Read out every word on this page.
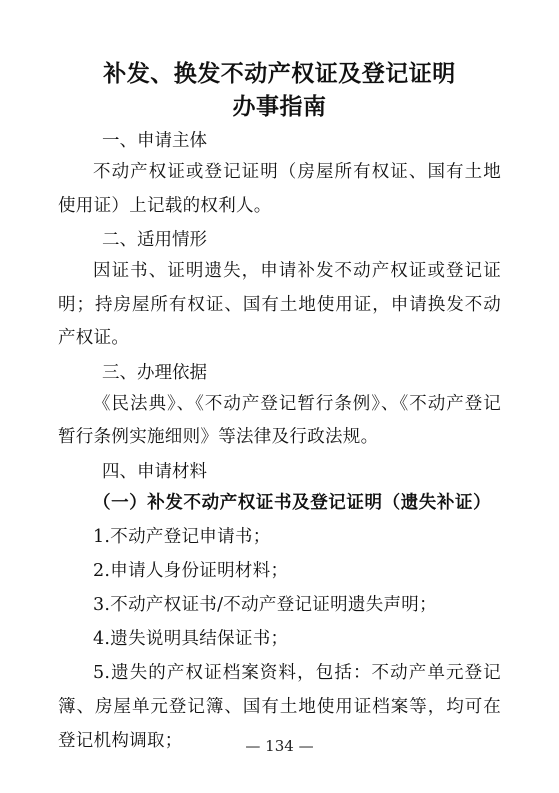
补发、换发不动产权证及登记证明
办事指南
一、申请主体
不动产权证或登记证明（房屋所有权证、国有土地使用证）上记载的权利人。
二、适用情形
因证书、证明遗失，申请补发不动产权证或登记证明；持房屋所有权证、国有土地使用证，申请换发不动产权证。
三、办理依据
《民法典》、《不动产登记暂行条例》、《不动产登记暂行条例实施细则》等法律及行政法规。
四、申请材料
（一）补发不动产权证书及登记证明（遗失补证）
1.不动产登记申请书；
2.申请人身份证明材料；
3.不动产权证书/不动产登记证明遗失声明；
4.遗失说明具结保证书；
5.遗失的产权证档案资料，包括：不动产单元登记簿、房屋单元登记簿、国有土地使用证档案等，均可在登记机构调取；	— 134 —
